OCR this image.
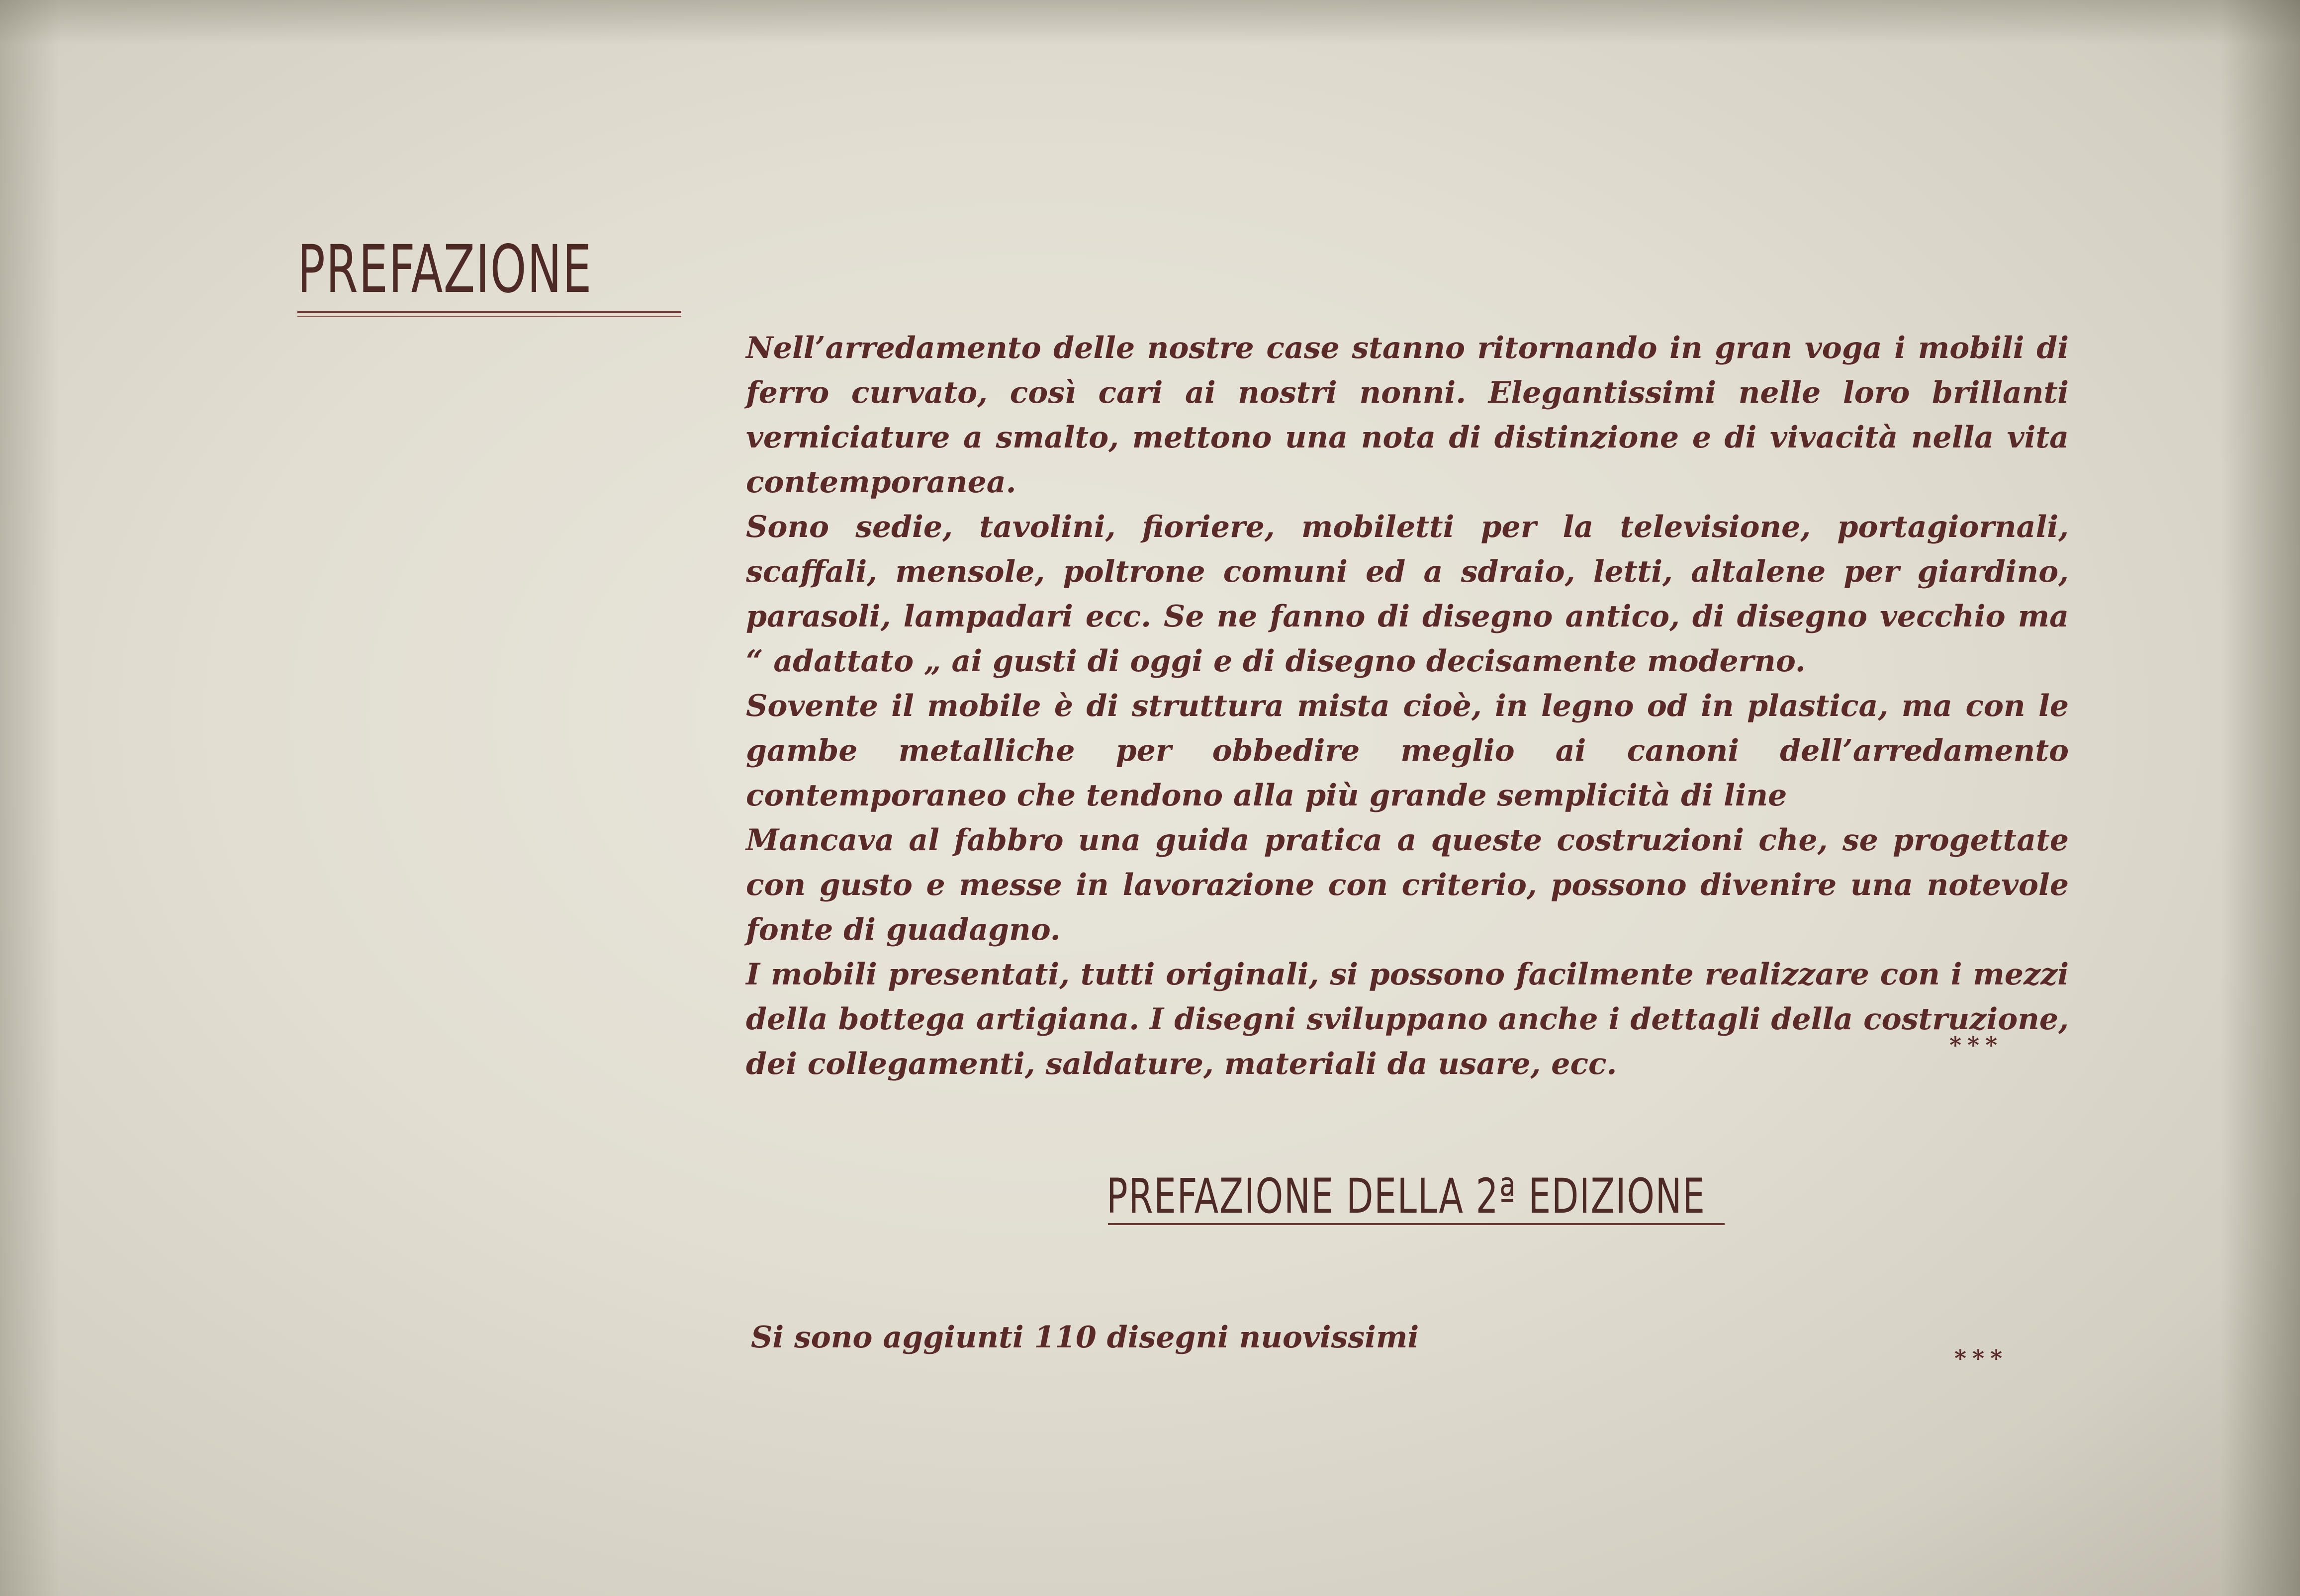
PREFAZIONE

Nell’arredamento delle nostre case stanno ritornando in gran voga i mobili di ferro curvato, così cari ai nostri nonni. Elegantissimi nelle loro brillanti verniciature a smalto, mettono una nota di distinzione e di vivacità nella vita contemporanea.

Sono sedie, tavolini, fioriere, mobiletti per la televisione, portagiornali, scaffali, mensole, poltrone comuni ed a sdraio, letti, altalene per giardino, parasoli, lampadari ecc. Se ne fanno di disegno antico, di disegno vecchio ma “ adattato „ ai gusti di oggi e di disegno decisamente moderno.

Sovente il mobile è di struttura mista cioè, in legno od in plastica, ma con le gambe metalliche per obbedire meglio ai canoni dell’arredamento contemporaneo che tendono alla più grande semplicità di line

Mancava al fabbro una guida pratica a queste costruzioni che, se progettate con gusto e messe in lavorazione con criterio, possono divenire una notevole fonte di guadagno.

I mobili presentati, tutti originali, si possono facilmente realizzare con i mezzi della bottega artigiana. I disegni sviluppano anche i dettagli della costruzione, dei collegamenti, saldature, materiali da usare, ecc.

***
PREFAZIONE DELLA 2ª EDIZIONE
Si sono aggiunti 110 disegni nuovissimi
***
